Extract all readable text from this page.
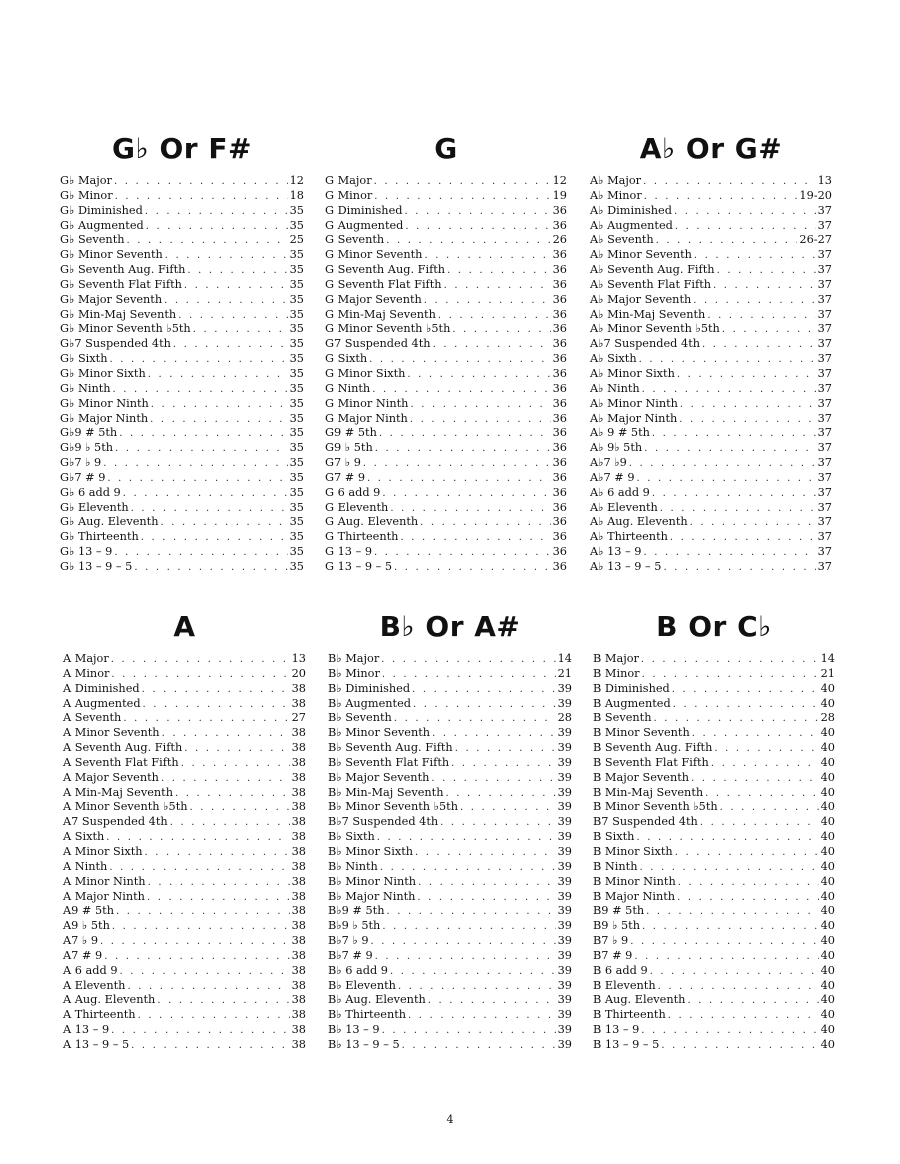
G♭ Or F#
G♭ Major . . .	12
G♭ Minor . . .	18
G♭ Diminished . . .	35
G♭ Augmented . . .	35
G♭ Seventh . . .	25
G♭ Minor Seventh . . .	35
G♭ Seventh Aug. Fifth . . .	35
G♭ Seventh Flat Fifth . . .	35
G♭ Major Seventh . . .	35
G♭ Min-Maj Seventh . . .	35
G♭ Minor Seventh ♭5th . . .	35
G♭7 Suspended 4th . . .	35
G♭ Sixth . . .	35
G♭ Minor Sixth . . .	35
G♭ Ninth . . .	35
G♭ Minor Ninth . . .	35
G♭ Major Ninth . . .	35
G♭9 # 5th . . .	35
G♭9 ♭ 5th . . .	35
G♭7 ♭ 9 . . .	35
G♭7 # 9 . . .	35
G♭ 6 add 9 . . .	35
G♭ Eleventh . . .	35
G♭ Aug. Eleventh . . .	35
G♭ Thirteenth . . .	35
G♭ 13 – 9 . . .	35
G♭ 13 – 9 – 5 . . .	35
G
G Major . . .	12
G Minor . . .	19
G Diminished . . .	36
G Augmented . . .	36
G Seventh . . .	26
G Minor Seventh . . .	36
G Seventh Aug. Fifth . . .	36
G Seventh Flat Fifth . . .	36
G Major Seventh . . .	36
G Min-Maj Seventh . . .	36
G Minor Seventh ♭5th . . .	36
G7 Suspended 4th . . .	36
G Sixth . . .	36
G Minor Sixth . . .	36
G Ninth . . .	36
G Minor Ninth . . .	36
G Major Ninth . . .	36
G9 # 5th . . .	36
G9 ♭ 5th . . .	36
G7 ♭ 9 . . .	36
G7 # 9 . . .	36
G 6 add 9 . . .	36
G Eleventh . . .	36
G Aug. Eleventh . . .	36
G Thirteenth . . .	36
G 13 – 9 . . .	36
G 13 – 9 – 5 . . .	36
A♭ Or G#
A♭ Major . . .	13
A♭ Minor . . .	19-20
A♭ Diminished . . .	37
A♭ Augmented . . .	37
A♭ Seventh . . .	26-27
A♭ Minor Seventh . . .	37
A♭ Seventh Aug. Fifth . . .	37
A♭ Seventh Flat Fifth . . .	37
A♭ Major Seventh . . .	37
A♭ Min-Maj Seventh . . .	37
A♭ Minor Seventh ♭5th . . .	37
A♭7 Suspended 4th . . .	37
A♭ Sixth . . .	37
A♭ Minor Sixth . . .	37
A♭ Ninth . . .	37
A♭ Minor Ninth . . .	37
A♭ Major Ninth . . .	37
A♭ 9 # 5th . . .	37
A♭ 9♭ 5th . . .	37
A♭7 ♭9 . . .	37
A♭7 # 9 . . .	37
A♭ 6 add 9 . . .	37
A♭ Eleventh . . .	37
A♭ Aug. Eleventh . . .	37
A♭ Thirteenth . . .	37
A♭ 13 – 9 . . .	37
A♭ 13 – 9 – 5 . . .	37
A
A Major . . .	13
A Minor . . .	20
A Diminished . . .	38
A Augmented . . .	38
A Seventh . . .	27
A Minor Seventh . . .	38
A Seventh Aug. Fifth . . .	38
A Seventh Flat Fifth . . .	38
A Major Seventh . . .	38
A Min-Maj Seventh . . .	38
A Minor Seventh ♭5th . . .	38
A7 Suspended 4th . . .	38
A Sixth . . .	38
A Minor Sixth . . .	38
A Ninth . . .	38
A Minor Ninth . . .	38
A Major Ninth . . .	38
A9 # 5th . . .	38
A9 ♭ 5th . . .	38
A7 ♭ 9 . . .	38
A7 # 9 . . .	38
A 6 add 9 . . .	38
A Eleventh . . .	38
A Aug. Eleventh . . .	38
A Thirteenth . . .	38
A 13 – 9 . . .	38
A 13 – 9 – 5 . . .	38
B♭ Or A#
B♭ Major . . .	14
B♭ Minor . . .	21
B♭ Diminished . . .	39
B♭ Augmented . . .	39
B♭ Seventh . . .	28
B♭ Minor Seventh . . .	39
B♭ Seventh Aug. Fifth . . .	39
B♭ Seventh Flat Fifth . . .	39
B♭ Major Seventh . . .	39
B♭ Min-Maj Seventh . . .	39
B♭ Minor Seventh ♭5th . . .	39
B♭7 Suspended 4th . . .	39
B♭ Sixth . . .	39
B♭ Minor Sixth . . .	39
B♭ Ninth . . .	39
B♭ Minor Ninth . . .	39
B♭ Major Ninth . . .	39
B♭9 # 5th . . .	39
B♭9 ♭ 5th . . .	39
B♭7 ♭ 9 . . .	39
B♭7 # 9 . . .	39
B♭ 6 add 9 . . .	39
B♭ Eleventh . . .	39
B♭ Aug. Eleventh . . .	39
B♭ Thirteenth . . .	39
B♭ 13 – 9 . . .	39
B♭ 13 – 9 – 5 . . .	39
B Or C♭
B Major . . .	14
B Minor . . .	21
B Diminished . . .	40
B Augmented . . .	40
B Seventh . . .	28
B Minor Seventh . . .	40
B Seventh Aug. Fifth . . .	40
B Seventh Flat Fifth . . .	40
B Major Seventh . . .	40
B Min-Maj Seventh . . .	40
B Minor Seventh ♭5th . . .	40
B7 Suspended 4th . . .	40
B Sixth . . .	40
B Minor Sixth . . .	40
B Ninth . . .	40
B Minor Ninth . . .	40
B Major Ninth . . .	40
B9 # 5th . . .	40
B9 ♭ 5th . . .	40
B7 ♭ 9 . . .	40
B7 # 9 . . .	40
B 6 add 9 . . .	40
B Eleventh . . .	40
B Aug. Eleventh . . .	40
B Thirteenth . . .	40
B 13 – 9 . . .	40
B 13 – 9 – 5 . . .	40
4
